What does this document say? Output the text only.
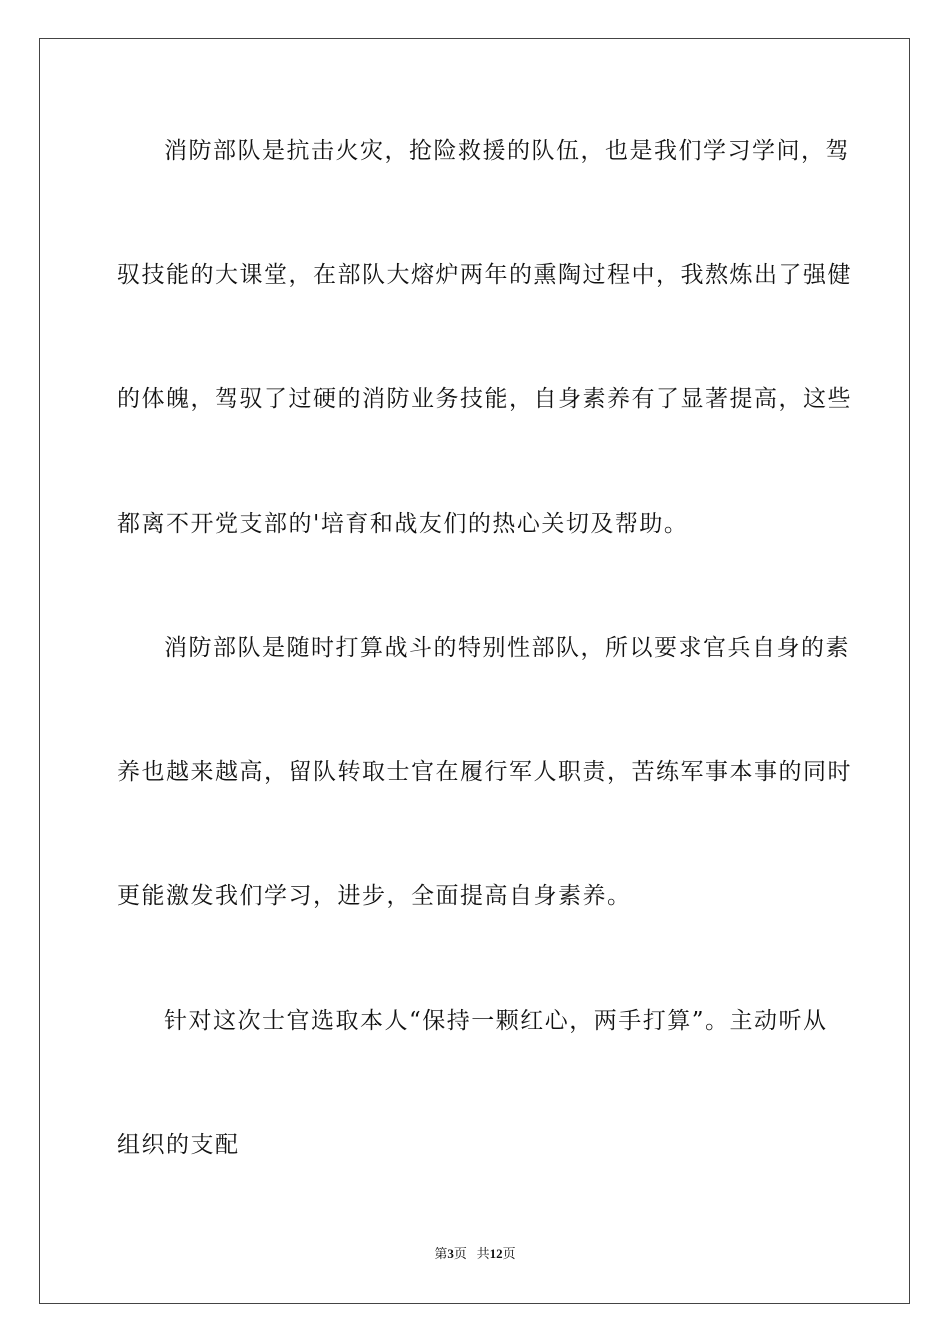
消防部队是抗击火灾，抢险救援的队伍，也是我们学习学问，驾
驭技能的大课堂，在部队大熔炉两年的熏陶过程中，我熬炼出了强健
的体魄，驾驭了过硬的消防业务技能，自身素养有了显著提高，这些
都离不开党支部的'培育和战友们的热心关切及帮助。
消防部队是随时打算战斗的特别性部队，所以要求官兵自身的素
养也越来越高，留队转取士官在履行军人职责，苦练军事本事的同时
更能激发我们学习，进步，全面提高自身素养。
针对这次士官选取本人“保持一颗红心，两手打算”。主动听从
组织的支配
第3页 共12页
